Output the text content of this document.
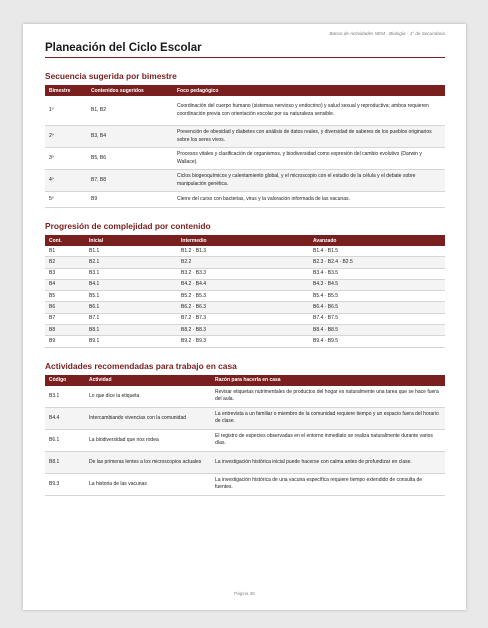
Banco de Actividades NEM · Biología · 1° de Secundaria
Planeación del Ciclo Escolar
Secuencia sugerida por bimestre
Bimestre	Contenidos sugeridos	Foco pedagógico
1º	B1, B2	Coordinación del cuerpo humano (sistemas nervioso y endocrino) y salud sexual y reproductiva; ambos requieren coordinación previa con orientación escolar por su naturaleza sensible.
2º	B3, B4	Prevención de obesidad y diabetes con análisis de datos reales, y diversidad de saberes de los pueblos originarios sobre los seres vivos.
3º	B5, B6	Procesos vitales y clasificación de organismos, y biodiversidad como expresión del cambio evolutivo (Darwin y Wallace).
4º	B7, B8	Ciclos biogeoquímicos y calentamiento global, y el microscopio con el estudio de la célula y el debate sobre manipulación genética.
5º	B9	Cierre del curso con bacterias, virus y la valoración informada de las vacunas.
Progresión de complejidad por contenido
Cont.	Inicial	Intermedio	Avanzado
B1	B1.1	B1.2 · B1.3	B1.4 · B1.5
B2	B2.1	B2.2	B2.3 · B2.4 · B2.5
B3	B3.1	B3.2 · B3.3	B3.4 · B3.5
B4	B4.1	B4.2 · B4.4	B4.3 · B4.5
B5	B5.1	B5.2 · B5.3	B5.4 · B5.5
B6	B6.1	B6.2 · B6.3	B6.4 · B6.5
B7	B7.1	B7.2 · B7.3	B7.4 · B7.5
B8	B8.1	B8.2 · B8.3	B8.4 · B8.5
B9	B9.1	B9.2 · B9.3	B9.4 · B9.5
Actividades recomendadas para trabajo en casa
Código	Actividad	Razón para hacerla en casa
B3.1	Lo que dice la etiqueta	Revisar etiquetas nutrimentales de productos del hogar es naturalmente una tarea que se hace fuera del aula.
B4.4	Intercambiando vivencias con la comunidad	La entrevista a un familiar o miembro de la comunidad requiere tiempo y un espacio fuera del horario de clase.
B6.1	La biodiversidad que nos rodea	El registro de especies observadas en el entorno inmediato se realiza naturalmente durante varios días.
B8.1	De las primeras lentes a los microscopios actuales	La investigación histórica inicial puede hacerse con calma antes de profundizar en clase.
B9.3	La historia de las vacunas	La investigación histórica de una vacuna específica requiere tiempo extendido de consulta de fuentes.
Página 36
